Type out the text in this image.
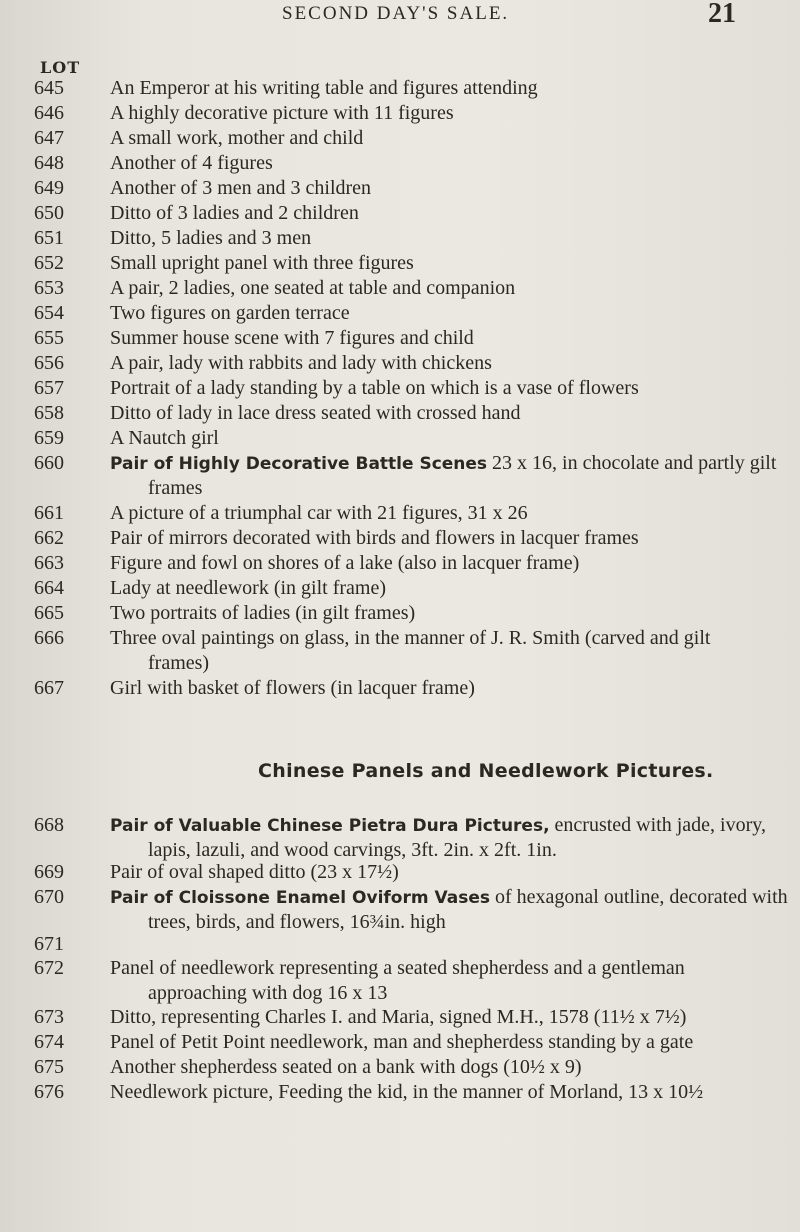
LOT
SECOND DAY'S SALE.	21
Chinese Panels and Needlework Pictures.
645	An Emperor at his writing table and figures attending
646	A highly decorative picture with 11 figures
647	A small work, mother and child
648	Another of 4 figures
649	Another of 3 men and 3 children
650	Ditto of 3 ladies and 2 children
651	Ditto, 5 ladies and 3 men
652	Small upright panel with three figures
653	A pair, 2 ladies, one seated at table and companion
654	Two figures on garden terrace
655	Summer house scene with 7 figures and child
656	A pair, lady with rabbits and lady with chickens
657	Portrait of a lady standing by a table on which is a vase of flowers
658	Ditto of lady in lace dress seated with crossed hand
659	A Nautch girl
660	Pair of Highly Decorative Battle Scenes 23 x 16, in chocolate and partly gilt
frames
661	A picture of a triumphal car with 21 figures, 31 x 26
662	Pair of mirrors decorated with birds and flowers in lacquer frames
663	Figure and fowl on shores of a lake (also in lacquer frame)
664	Lady at needlework (in gilt frame)
665	Two portraits of ladies (in gilt frames)
666	Three oval paintings on glass, in the manner of J. R. Smith (carved and gilt
frames)
667	Girl with basket of flowers (in lacquer frame)
668	Pair of Valuable Chinese Pietra Dura Pictures, encrusted with jade, ivory,
lapis, lazuli, and wood carvings, 3ft. 2in. x 2ft. 1in.
669	Pair of oval shaped ditto (23 x 17½)
670	Pair of Cloissone Enamel Oviform Vases of hexagonal outline, decorated with
trees, birds, and flowers, 16¾in. high
671
672	Panel of needlework representing a seated shepherdess and a gentleman
approaching with dog 16 x 13
673	Ditto, representing Charles I. and Maria, signed M.H., 1578 (11½ x 7½)
674	Panel of Petit Point needlework, man and shepherdess standing by a gate
675	Another shepherdess seated on a bank with dogs (10½ x 9)
676	Needlework picture, Feeding the kid, in the manner of Morland, 13 x 10½
